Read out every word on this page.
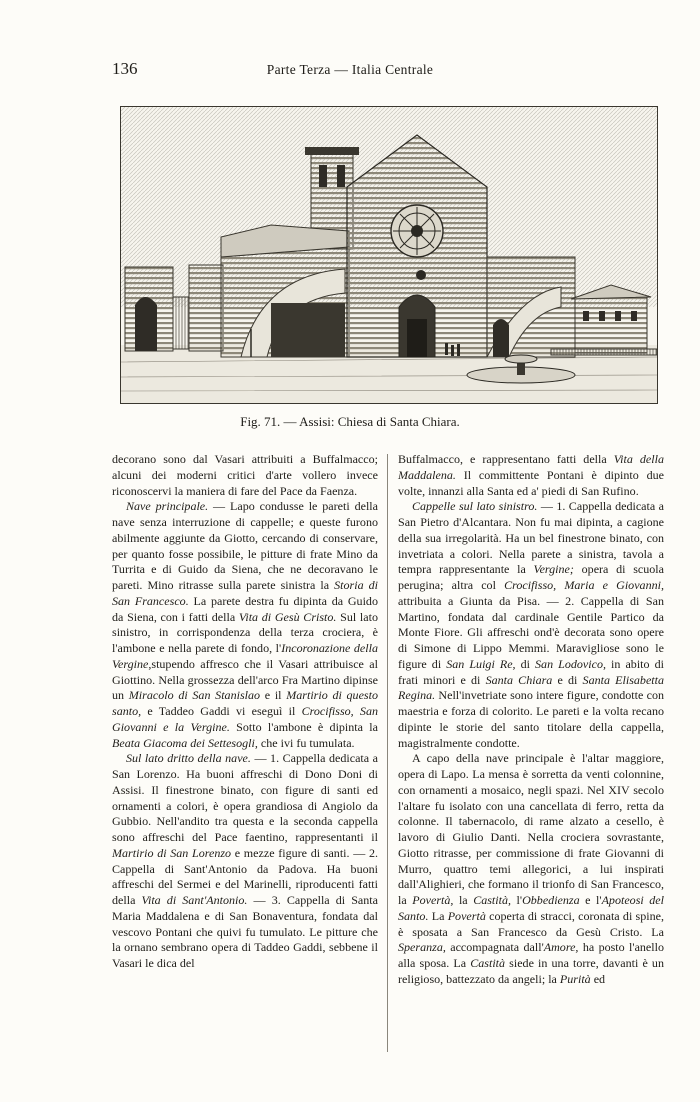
136	Parte Terza — Italia Centrale
Fig. 71. — Assisi: Chiesa di Santa Chiara.

decorano sono dal Vasari attribuiti a Buffalmacco; alcuni dei moderni critici d'arte vollero invece riconoscervi la maniera di fare del Pace da Faenza.

Nave principale. — Lapo condusse le pareti della nave senza interruzione di cappelle; e queste furono abilmente aggiunte da Giotto, cercando di conservare, per quanto fosse possibile, le pitture di frate Mino da Turrita e di Guido da Siena, che ne decoravano le pareti. Mino ritrasse sulla parete sinistra la Storia di San Francesco. La parete destra fu dipinta da Guido da Siena, con i fatti della Vita di Gesù Cristo. Sul lato sinistro, in corrispondenza della terza crociera, è l'ambone e nella parete di fondo, l'Incoronazione della Vergine,stupendo affresco che il Vasari attribuisce al Giottino. Nella grossezza dell'arco Fra Martino dipinse un Miracolo di San Stanislao e il Martirio di questo santo, e Taddeo Gaddi vi eseguì il Crocifisso, San Giovanni e la Vergine. Sotto l'ambone è dipinta la Beata Giacoma dei Settesogli, che ivi fu tumulata.

Sul lato dritto della nave. — 1. Cappella dedicata a San Lorenzo. Ha buoni affreschi di Dono Doni di Assisi. Il finestrone binato, con figure di santi ed ornamenti a colori, è opera grandiosa di Angiolo da Gubbio. Nell'andito tra questa e la seconda cappella sono affreschi del Pace faentino, rappresentanti il Martirio di San Lorenzo e mezze figure di santi. — 2. Cappella di Sant'Antonio da Padova. Ha buoni affreschi del Sermei e del Marinelli, riproducenti fatti della Vita di Sant'Antonio. — 3. Cappella di Santa Maria Maddalena e di San Bonaventura, fondata dal vescovo Pontani che quivi fu tumulato. Le pitture che la ornano sembrano opera di Taddeo Gaddi, sebbene il Vasari le dica del

Buffalmacco, e rappresentano fatti della Vita della Maddalena. Il committente Pontani è dipinto due volte, innanzi alla Santa ed a' piedi di San Rufino.

Cappelle sul lato sinistro. — 1. Cappella dedicata a San Pietro d'Alcantara. Non fu mai dipinta, a cagione della sua irregolarità. Ha un bel finestrone binato, con invetriata a colori. Nella parete a sinistra, tavola a tempra rappresentante la Vergine; opera di scuola perugina; altra col Crocifisso, Maria e Giovanni, attribuita a Giunta da Pisa. — 2. Cappella di San Martino, fondata dal cardinale Gentile Partico da Monte Fiore. Gli affreschi ond'è decorata sono opere di Simone di Lippo Memmi. Maravigliose sono le figure di San Luigi Re, di San Lodovico, in abito di frati minori e di Santa Chiara e di Santa Elisabetta Regina. Nell'invetriate sono intere figure, condotte con maestria e forza di colorito. Le pareti e la volta recano dipinte le storie del santo titolare della cappella, magistralmente condotte.

A capo della nave principale è l'altar maggiore, opera di Lapo. La mensa è sorretta da venti colonnine, con ornamenti a mosaico, negli spazi. Nel XIV secolo l'altare fu isolato con una cancellata di ferro, retta da colonne. Il tabernacolo, di rame alzato a cesello, è lavoro di Giulio Danti. Nella crociera sovrastante, Giotto ritrasse, per commissione di frate Giovanni di Murro, quattro temi allegorici, a lui inspirati dall'Alighieri, che formano il trionfo di San Francesco, la Povertà, la Castità, l'Obbedienza e l'Apoteosi del Santo. La Povertà coperta di stracci, coronata di spine, è sposata a San Francesco da Gesù Cristo. La Speranza, accompagnata dall'Amore, ha posto l'anello alla sposa. La Castità siede in una torre, davanti è un religioso, battezzato da angeli; la Purità ed
